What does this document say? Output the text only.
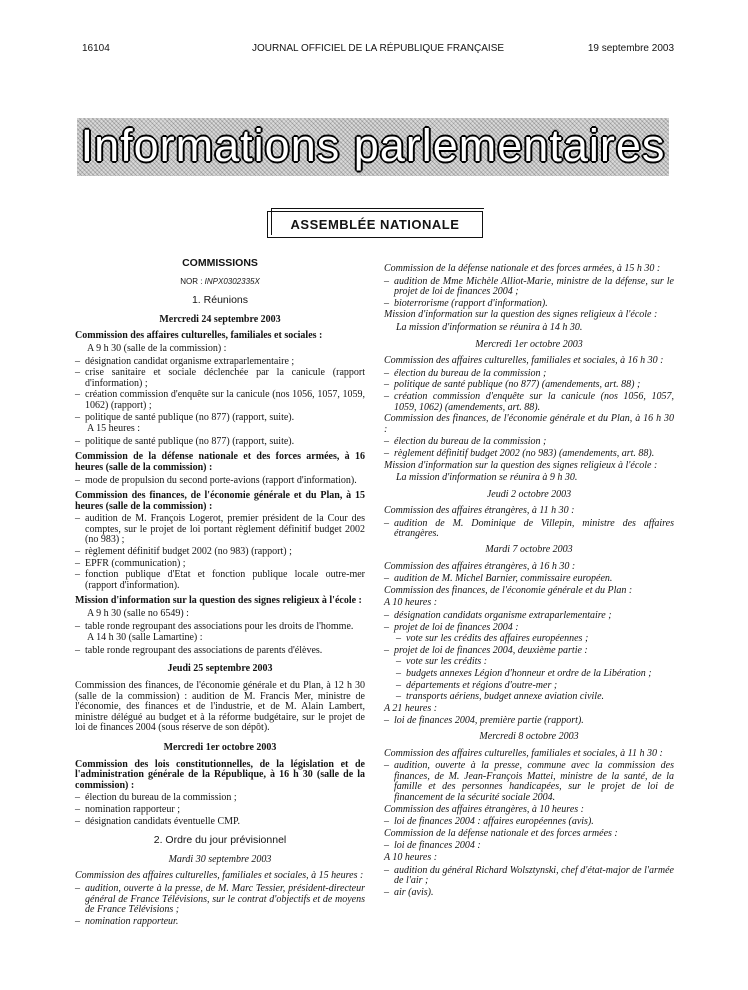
16104	JOURNAL OFFICIEL DE LA RÉPUBLIQUE FRANÇAISE	19 septembre 2003
Informations parlementaires
ASSEMBLÉE NATIONALE
COMMISSIONS
NOR : INPX0302335X
1. Réunions
Mercredi 24 septembre 2003
Commission des affaires culturelles, familiales et sociales :
A 9 h 30 (salle de la commission) :
– désignation candidat organisme extraparlementaire ;
– crise sanitaire et sociale déclenchée par la canicule (rapport d'information) ;
– création commission d'enquête sur la canicule (nos 1056, 1057, 1059, 1062) (rapport) ;
– politique de santé publique (no 877) (rapport, suite).
A 15 heures :
– politique de santé publique (no 877) (rapport, suite).
Commission de la défense nationale et des forces armées, à 16 heures (salle de la commission) :
– mode de propulsion du second porte-avions (rapport d'information).
Commission des finances, de l'économie générale et du Plan, à 15 heures (salle de la commission) :
– audition de M. François Logerot, premier président de la Cour des comptes, sur le projet de loi portant règlement définitif budget 2002 (no 983) ;
– règlement définitif budget 2002 (no 983) (rapport) ;
– EPFR (communication) ;
– fonction publique d'Etat et fonction publique locale outre-mer (rapport d'information).
Mission d'information sur la question des signes religieux à l'école :
A 9 h 30 (salle no 6549) :
– table ronde regroupant des associations pour les droits de l'homme.
A 14 h 30 (salle Lamartine) :
– table ronde regroupant des associations de parents d'élèves.
Jeudi 25 septembre 2003
Commission des finances, de l'économie générale et du Plan, à 12 h 30 (salle de la commission) : audition de M. Francis Mer, ministre de l'économie, des finances et de l'industrie, et de M. Alain Lambert, ministre délégué au budget et à la réforme budgétaire, sur le projet de loi de finances 2004 (sous réserve de son dépôt).
Mercredi 1er octobre 2003
Commission des lois constitutionnelles, de la législation et de l'administration générale de la République, à 16 h 30 (salle de la commission) :
– élection du bureau de la commission ;
– nomination rapporteur ;
– désignation candidats éventuelle CMP.
2. Ordre du jour prévisionnel
Mardi 30 septembre 2003
Commission des affaires culturelles, familiales et sociales, à 15 heures :
– audition, ouverte à la presse, de M. Marc Tessier, président-directeur général de France Télévisions, sur le contrat d'objectifs et de moyens de France Télévisions ;
– nomination rapporteur.
Commission de la défense nationale et des forces armées, à 15 h 30 :
– audition de Mme Michèle Alliot-Marie, ministre de la défense, sur le projet de loi de finances 2004 ;
– bioterrorisme (rapport d'information).
Mission d'information sur la question des signes religieux à l'école :
La mission d'information se réunira à 14 h 30.
Mercredi 1er octobre 2003
Commission des affaires culturelles, familiales et sociales, à 16 h 30 :
– élection du bureau de la commission ;
– politique de santé publique (no 877) (amendements, art. 88) ;
– création commission d'enquête sur la canicule (nos 1056, 1057, 1059, 1062) (amendements, art. 88).
Commission des finances, de l'économie générale et du Plan, à 16 h 30 :
– élection du bureau de la commission ;
– règlement définitif budget 2002 (no 983) (amendements, art. 88).
Mission d'information sur la question des signes religieux à l'école :
La mission d'information se réunira à 9 h 30.
Jeudi 2 octobre 2003
Commission des affaires étrangères, à 11 h 30 :
– audition de M. Dominique de Villepin, ministre des affaires étrangères.
Mardi 7 octobre 2003
Commission des affaires étrangères, à 16 h 30 :
– audition de M. Michel Barnier, commissaire européen.
Commission des finances, de l'économie générale et du Plan :
A 10 heures :
– désignation candidats organisme extraparlementaire ;
– projet de loi de finances 2004 :
– vote sur les crédits des affaires européennes ;
– projet de loi de finances 2004, deuxième partie :
– vote sur les crédits :
– budgets annexes Légion d'honneur et ordre de la Libération ;
– départements et régions d'outre-mer ;
– transports aériens, budget annexe aviation civile.
A 21 heures :
– loi de finances 2004, première partie (rapport).
Mercredi 8 octobre 2003
Commission des affaires culturelles, familiales et sociales, à 11 h 30 :
– audition, ouverte à la presse, commune avec la commission des finances, de M. Jean-François Mattei, ministre de la santé, de la famille et des personnes handicapées, sur le projet de loi de financement de la sécurité sociale 2004.
Commission des affaires étrangères, à 10 heures :
– loi de finances 2004 : affaires européennes (avis).
Commission de la défense nationale et des forces armées :
– loi de finances 2004 :
A 10 heures :
– audition du général Richard Wolsztynski, chef d'état-major de l'armée de l'air ;
– air (avis).
